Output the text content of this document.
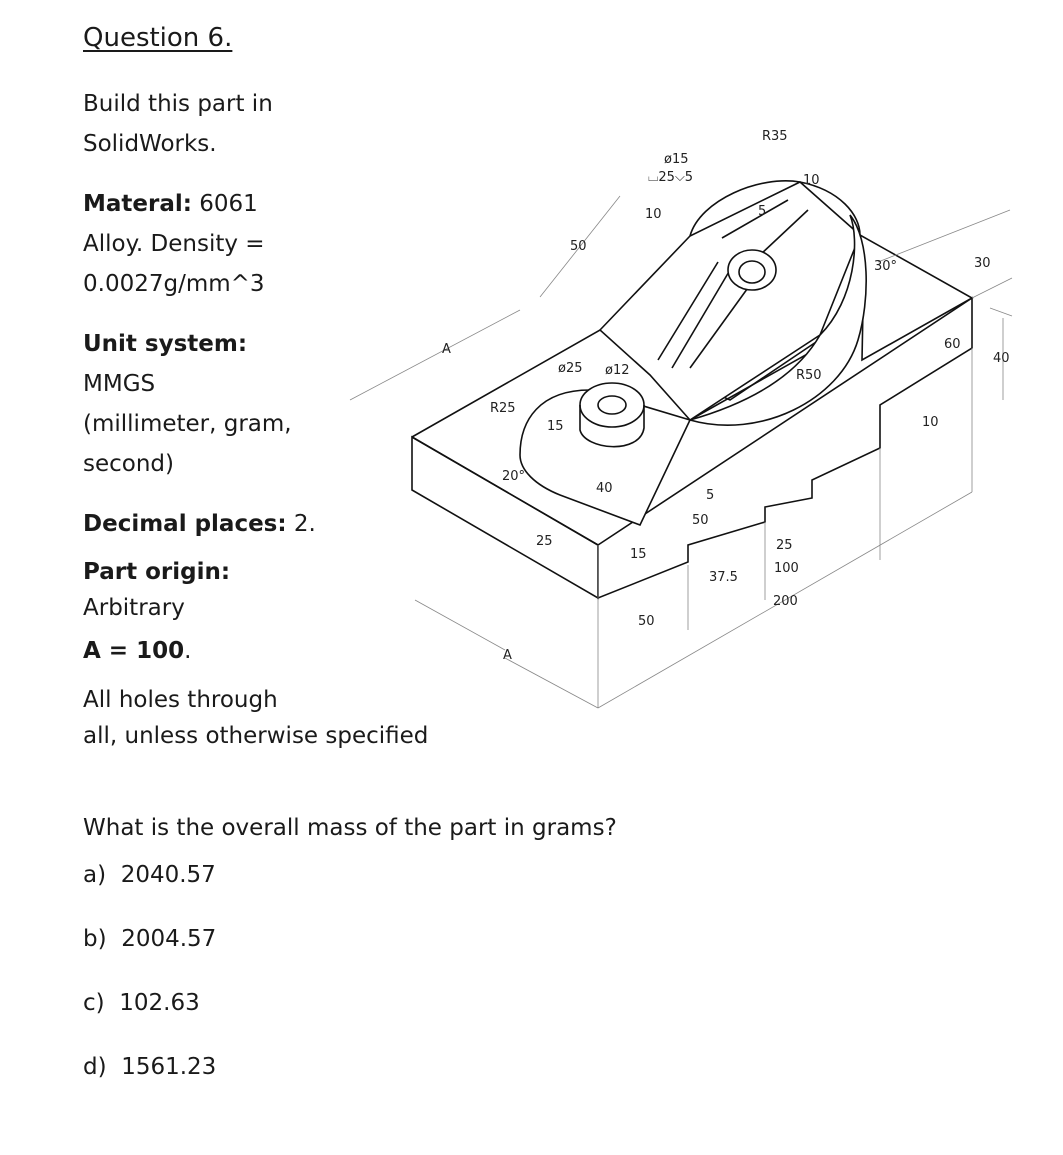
Question 6.
Build this part in
SolidWorks.
Materal: 6061
Alloy. Density =
0.0027g/mm^3
Unit system:
MMGS
(millimeter, gram,
second)
Decimal places: 2.
Part origin:
Arbitrary
A = 100.
All holes through
all, unless otherwise specified
What is the overall mass of the part in grams?
a) 2040.57
b) 2004.57
c) 102.63
d) 1561.23
ø15
⌴25⌵5
R35
10
10
5
50
30°	30
60
40
A
ø25 ø12
R25
R50
15	10
20°
40	5
50
25	25
15
37.5
100
200
50
A
